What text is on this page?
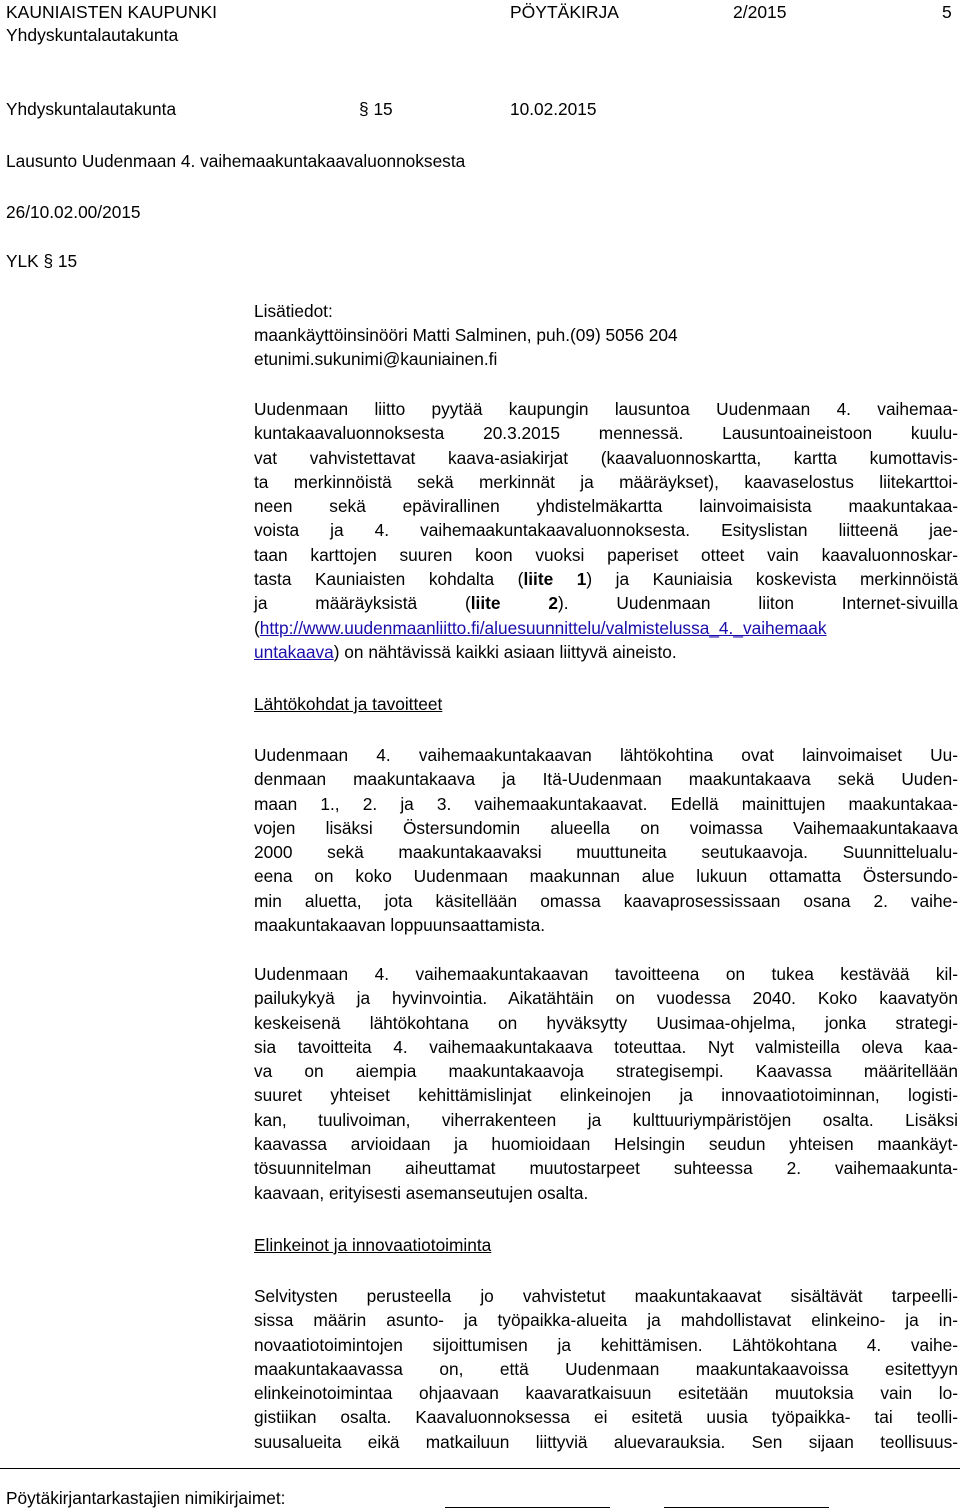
KAUNIAISTEN KAUPUNKI	PÖYTÄKIRJA	2/2015	5
Yhdyskuntalautakunta
Yhdyskuntalautakunta	§ 15	10.02.2015
Lausunto Uudenmaan 4. vaihemaakuntakaavaluonnoksesta
26/10.02.00/2015
YLK § 15
Lisätiedot:
maankäyttöinsinööri Matti Salminen, puh.(09) 5056 204
etunimi.sukunimi@kauniainen.fi

Uudenmaan liitto pyytää kaupungin lausuntoa Uudenmaan 4. vaihemaa-

kuntakaavaluonnoksesta 20.3.2015 mennessä. Lausuntoaineistoon kuulu-

vat vahvistettavat kaava-asiakirjat (kaavaluonnoskartta, kartta kumottavis-

ta merkinnöistä sekä merkinnät ja määräykset), kaavaselostus liitekarttoi-

neen sekä epävirallinen yhdistelmäkartta lainvoimaisista maakuntakaa-

voista ja 4. vaihemaakuntakaavaluonnoksesta. Esityslistan liitteenä jae-

taan karttojen suuren koon vuoksi paperiset otteet vain kaavaluonnoskar-

tasta Kauniaisten kohdalta (liite 1) ja Kauniaisia koskevista merkinnöistä

ja määräyksistä (liite 2). Uudenmaan liiton Internet-sivuilla

(http://www.uudenmaanliitto.fi/aluesuunnittelu/valmistelussa_4._vaihemaak

untakaava) on nähtävissä kaikki asiaan liittyvä aineisto.

Lähtökohdat ja tavoitteet

Uudenmaan 4. vaihemaakuntakaavan lähtökohtina ovat lainvoimaiset Uu-

denmaan maakuntakaava ja Itä-Uudenmaan maakuntakaava sekä Uuden-

maan 1., 2. ja 3. vaihemaakuntakaavat. Edellä mainittujen maakuntakaa-

vojen lisäksi Östersundomin alueella on voimassa Vaihemaakuntakaava

2000 sekä maakuntakaavaksi muuttuneita seutukaavoja. Suunnittelualu-

eena on koko Uudenmaan maakunnan alue lukuun ottamatta Östersundo-

min aluetta, jota käsitellään omassa kaavaprosessissaan osana 2. vaihe-

maakuntakaavan loppuunsaattamista.

Uudenmaan 4. vaihemaakuntakaavan tavoitteena on tukea kestävää kil-

pailukykyä ja hyvinvointia. Aikatähtäin on vuodessa 2040. Koko kaavatyön

keskeisenä lähtökohtana on hyväksytty Uusimaa-ohjelma, jonka strategi-

sia tavoitteita 4. vaihemaakuntakaava toteuttaa. Nyt valmisteilla oleva kaa-

va on aiempia maakuntakaavoja strategisempi. Kaavassa määritellään

suuret yhteiset kehittämislinjat elinkeinojen ja innovaatiotoiminnan, logisti-

kan, tuulivoiman, viherrakenteen ja kulttuuriympäristöjen osalta. Lisäksi

kaavassa arvioidaan ja huomioidaan Helsingin seudun yhteisen maankäyt-

tösuunnitelman aiheuttamat muutostarpeet suhteessa 2. vaihemaakunta-

kaavaan, erityisesti asemanseutujen osalta.

Elinkeinot ja innovaatiotoiminta

Selvitysten perusteella jo vahvistetut maakuntakaavat sisältävät tarpeelli-

sissa määrin asunto- ja työpaikka-alueita ja mahdollistavat elinkeino- ja in-

novaatiotoimintojen sijoittumisen ja kehittämisen. Lähtökohtana 4. vaihe-

maakuntakaavassa on, että Uudenmaan maakuntakaavoissa esitettyyn

elinkeinotoimintaa ohjaavaan kaavaratkaisuun esitetään muutoksia vain lo-

gistiikan osalta. Kaavaluonnoksessa ei esitetä uusia työpaikka- tai teolli-

suusalueita eikä matkailuun liittyviä aluevarauksia. Sen sijaan teollisuus-

Pöytäkirjantarkastajien nimikirjaimet:
